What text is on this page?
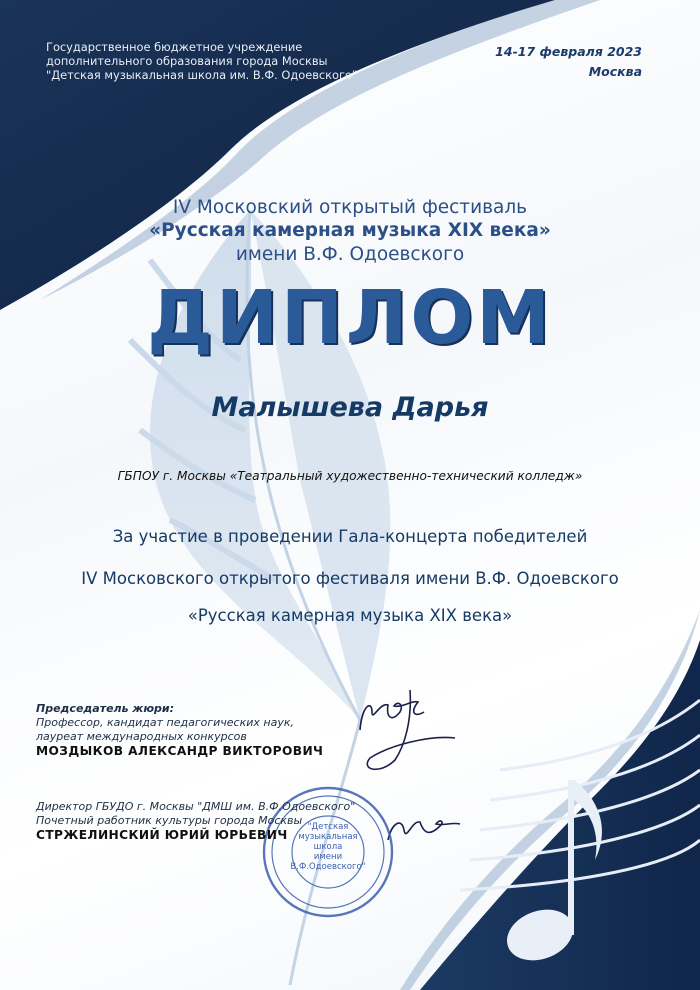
Государственное бюджетное учреждение
дополнительного образования города Москвы
"Детская музыкальная школа им. В.Ф. Одоевского"
14-17 февраля 2023
Москва
IV Московский открытый фестиваль
«Русская камерная музыка XIX века»
имени В.Ф. Одоевского
ДИПЛОМ
Малышева Дарья
ГБПОУ г. Москвы «Театральный художественно-технический колледж»
За участие в проведении Гала-концерта победителей
IV Московского открытого фестиваля имени В.Ф. Одоевского
«Русская камерная музыка XIX века»
Председатель жюри:
Профессор, кандидат педагогических наук,
лауреат международных конкурсов
МОЗДЫКОВ АЛЕКСАНДР ВИКТОРОВИЧ
Директор ГБУДО г. Москвы "ДМШ им. В.Ф.Одоевского"
Почетный работник культуры города Москвы
СТРЖЕЛИНСКИЙ ЮРИЙ ЮРЬЕВИЧ
"Детская
музыкальная
школа
имени
В.Ф.Одоевского"
